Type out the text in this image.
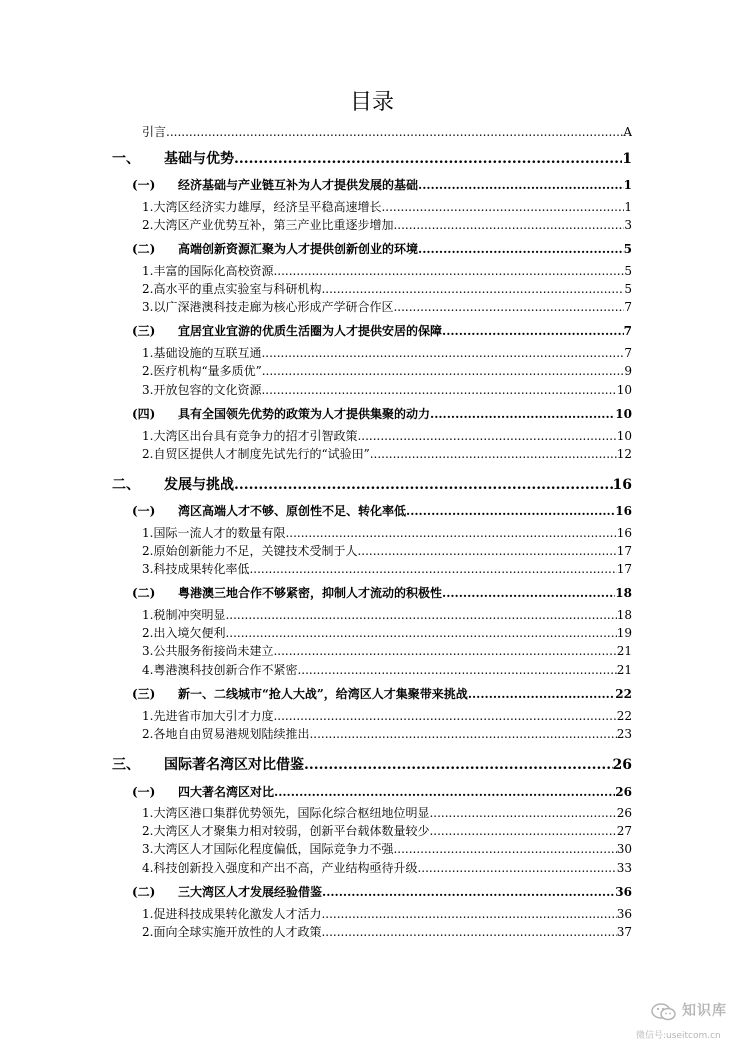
目录
引言 .....	A
一、 基础与优势 .....	1
(一) 经济基础与产业链互补为人才提供发展的基础 .....	1
1.大湾区经济实力雄厚，经济呈平稳高速增长 .....	1
2.大湾区产业优势互补，第三产业比重逐步增加 .....	3
(二) 高端创新资源汇聚为人才提供创新创业的环境 .....	5
1.丰富的国际化高校资源 .....	5
2.高水平的重点实验室与科研机构 .....	5
3.以广深港澳科技走廊为核心形成产学研合作区 .....	7
(三) 宜居宜业宜游的优质生活圈为人才提供安居的保障 .....	7
1.基础设施的互联互通 .....	7
2.医疗机构“量多质优” .....	9
3.开放包容的文化资源 .....	10
(四) 具有全国领先优势的政策为人才提供集聚的动力 .....	10
1.大湾区出台具有竞争力的招才引智政策 .....	10
2.自贸区提供人才制度先试先行的“试验田” .....	12
二、 发展与挑战 .....	16
(一) 湾区高端人才不够、原创性不足、转化率低 .....	16
1.国际一流人才的数量有限 .....	16
2.原始创新能力不足，关键技术受制于人 .....	17
3.科技成果转化率低 .....	17
(二) 粤港澳三地合作不够紧密，抑制人才流动的积极性 .....	18
1.税制冲突明显 .....	18
2.出入境欠便利 .....	19
3.公共服务衔接尚未建立 .....	21
4.粤港澳科技创新合作不紧密 .....	21
(三) 新一、二线城市“抢人大战”，给湾区人才集聚带来挑战 .....	22
1.先进省市加大引才力度 .....	22
2.各地自由贸易港规划陆续推出 .....	23
三、 国际著名湾区对比借鉴 .....	26
(一) 四大著名湾区对比 .....	26
1.大湾区港口集群优势领先，国际化综合枢纽地位明显 .....	26
2.大湾区人才聚集力相对较弱，创新平台载体数量较少 .....	27
3.大湾区人才国际化程度偏低，国际竞争力不强 .....	30
4.科技创新投入强度和产出不高，产业结构亟待升级 .....	33
(二) 三大湾区人才发展经验借鉴 .....	36
1.促进科技成果转化激发人才活力 .....	36
2.面向全球实施开放性的人才政策 .....	37
知识库
微信号:useitcom.cn
